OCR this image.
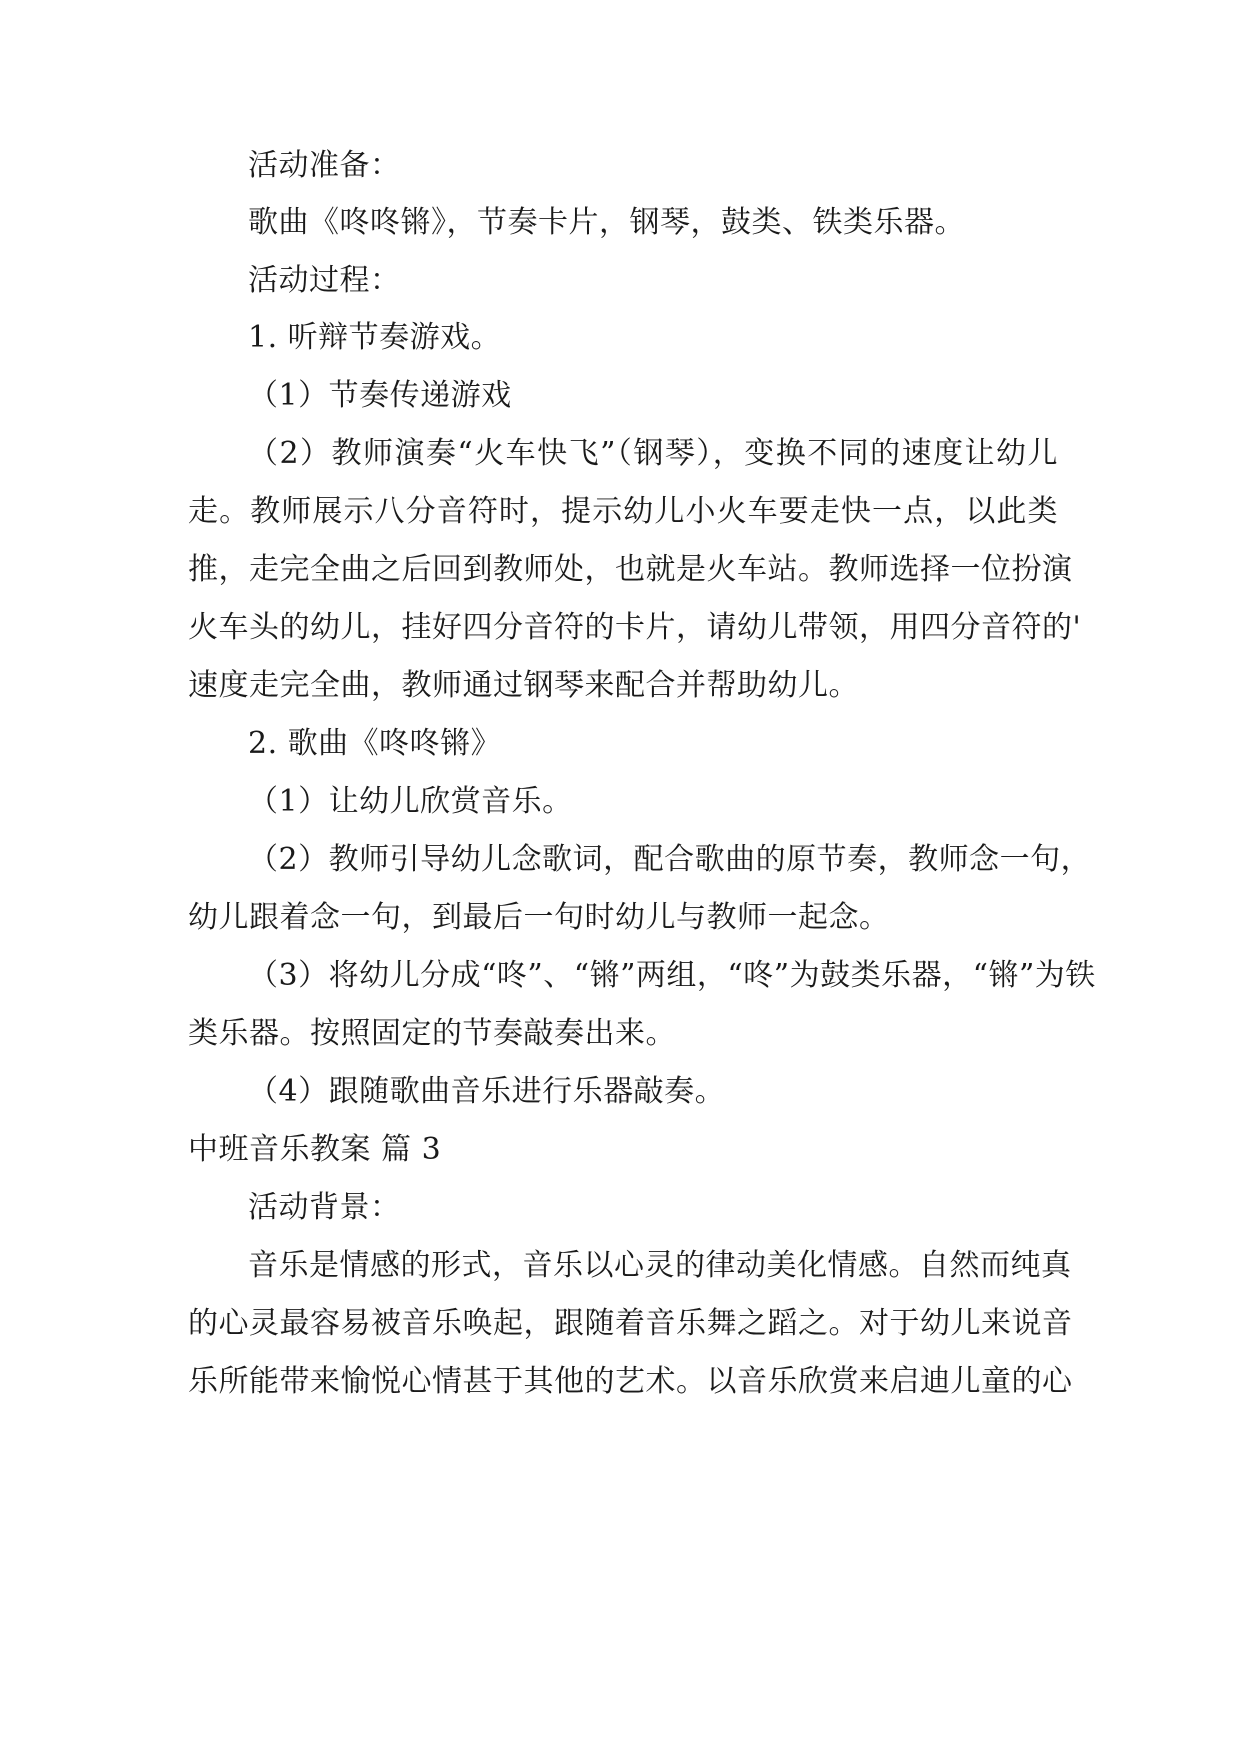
活动准备：
歌曲《咚咚锵》，节奏卡片，钢琴，鼓类、铁类乐器。
活动过程：
1. 听辩节奏游戏。
（1）节奏传递游戏
（2）教师演奏“火车快飞”（钢琴），变换不同的速度让幼儿
走。教师展示八分音符时，提示幼儿小火车要走快一点，以此类
推，走完全曲之后回到教师处，也就是火车站。教师选择一位扮演
火车头的幼儿，挂好四分音符的卡片，请幼儿带领，用四分音符的'
速度走完全曲，教师通过钢琴来配合并帮助幼儿。
2. 歌曲《咚咚锵》
（1）让幼儿欣赏音乐。
（2）教师引导幼儿念歌词，配合歌曲的原节奏，教师念一句，
幼儿跟着念一句，到最后一句时幼儿与教师一起念。
（3）将幼儿分成“咚”、“锵”两组，“咚”为鼓类乐器，“锵”为铁
类乐器。按照固定的节奏敲奏出来。
（4）跟随歌曲音乐进行乐器敲奏。
中班音乐教案 篇 3
活动背景：
音乐是情感的形式，音乐以心灵的律动美化情感。自然而纯真
的心灵最容易被音乐唤起，跟随着音乐舞之蹈之。对于幼儿来说音
乐所能带来愉悦心情甚于其他的艺术。以音乐欣赏来启迪儿童的心
